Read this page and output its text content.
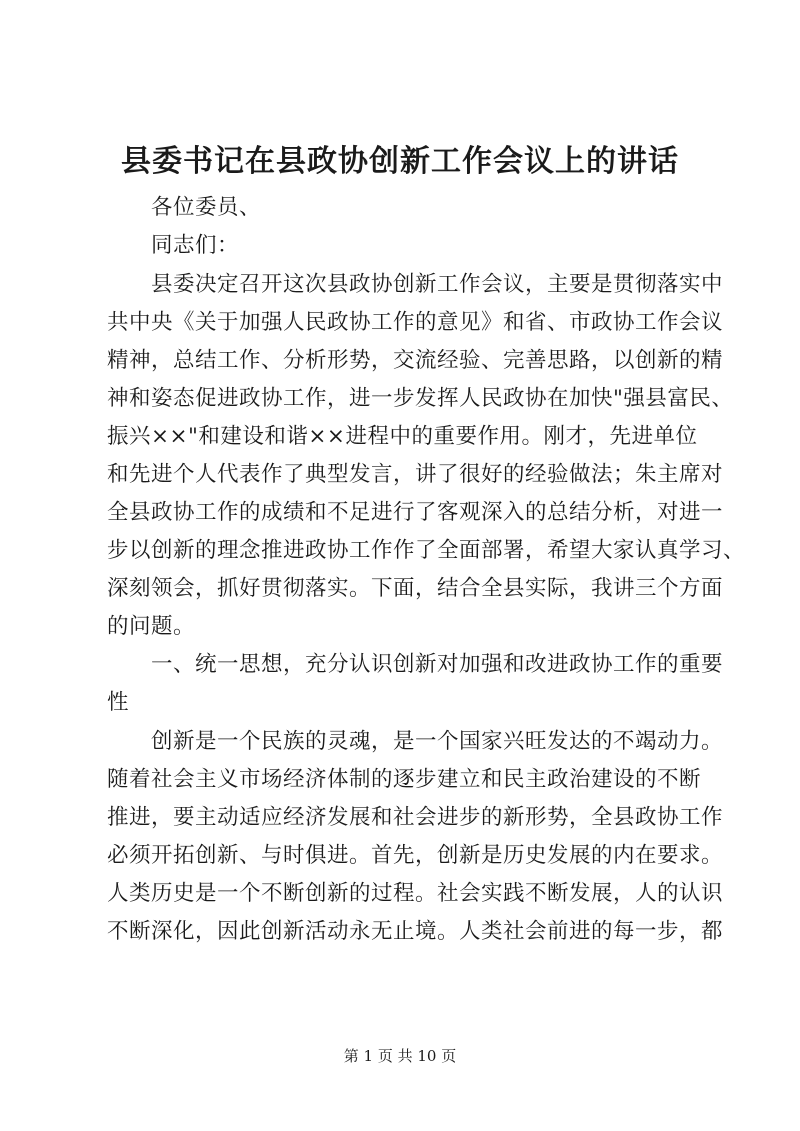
县委书记在县政协创新工作会议上的讲话
　　各位委员、
　　同志们：
　　县委决定召开这次县政协创新工作会议，主要是贯彻落实中
共中央《关于加强人民政协工作的意见》和省、市政协工作会议
精神，总结工作、分析形势，交流经验、完善思路，以创新的精
神和姿态促进政协工作，进一步发挥人民政协在加快"强县富民、
振兴××"和建设和谐××进程中的重要作用。刚才，先进单位
和先进个人代表作了典型发言，讲了很好的经验做法；朱主席对
全县政协工作的成绩和不足进行了客观深入的总结分析，对进一
步以创新的理念推进政协工作作了全面部署，希望大家认真学习、
深刻领会，抓好贯彻落实。下面，结合全县实际，我讲三个方面
的问题。
　　一、统一思想，充分认识创新对加强和改进政协工作的重要
性
　　创新是一个民族的灵魂，是一个国家兴旺发达的不竭动力。
随着社会主义市场经济体制的逐步建立和民主政治建设的不断
推进，要主动适应经济发展和社会进步的新形势，全县政协工作
必须开拓创新、与时俱进。首先，创新是历史发展的内在要求。
人类历史是一个不断创新的过程。社会实践不断发展，人的认识
不断深化，因此创新活动永无止境。人类社会前进的每一步，都
第 1 页 共 10 页
